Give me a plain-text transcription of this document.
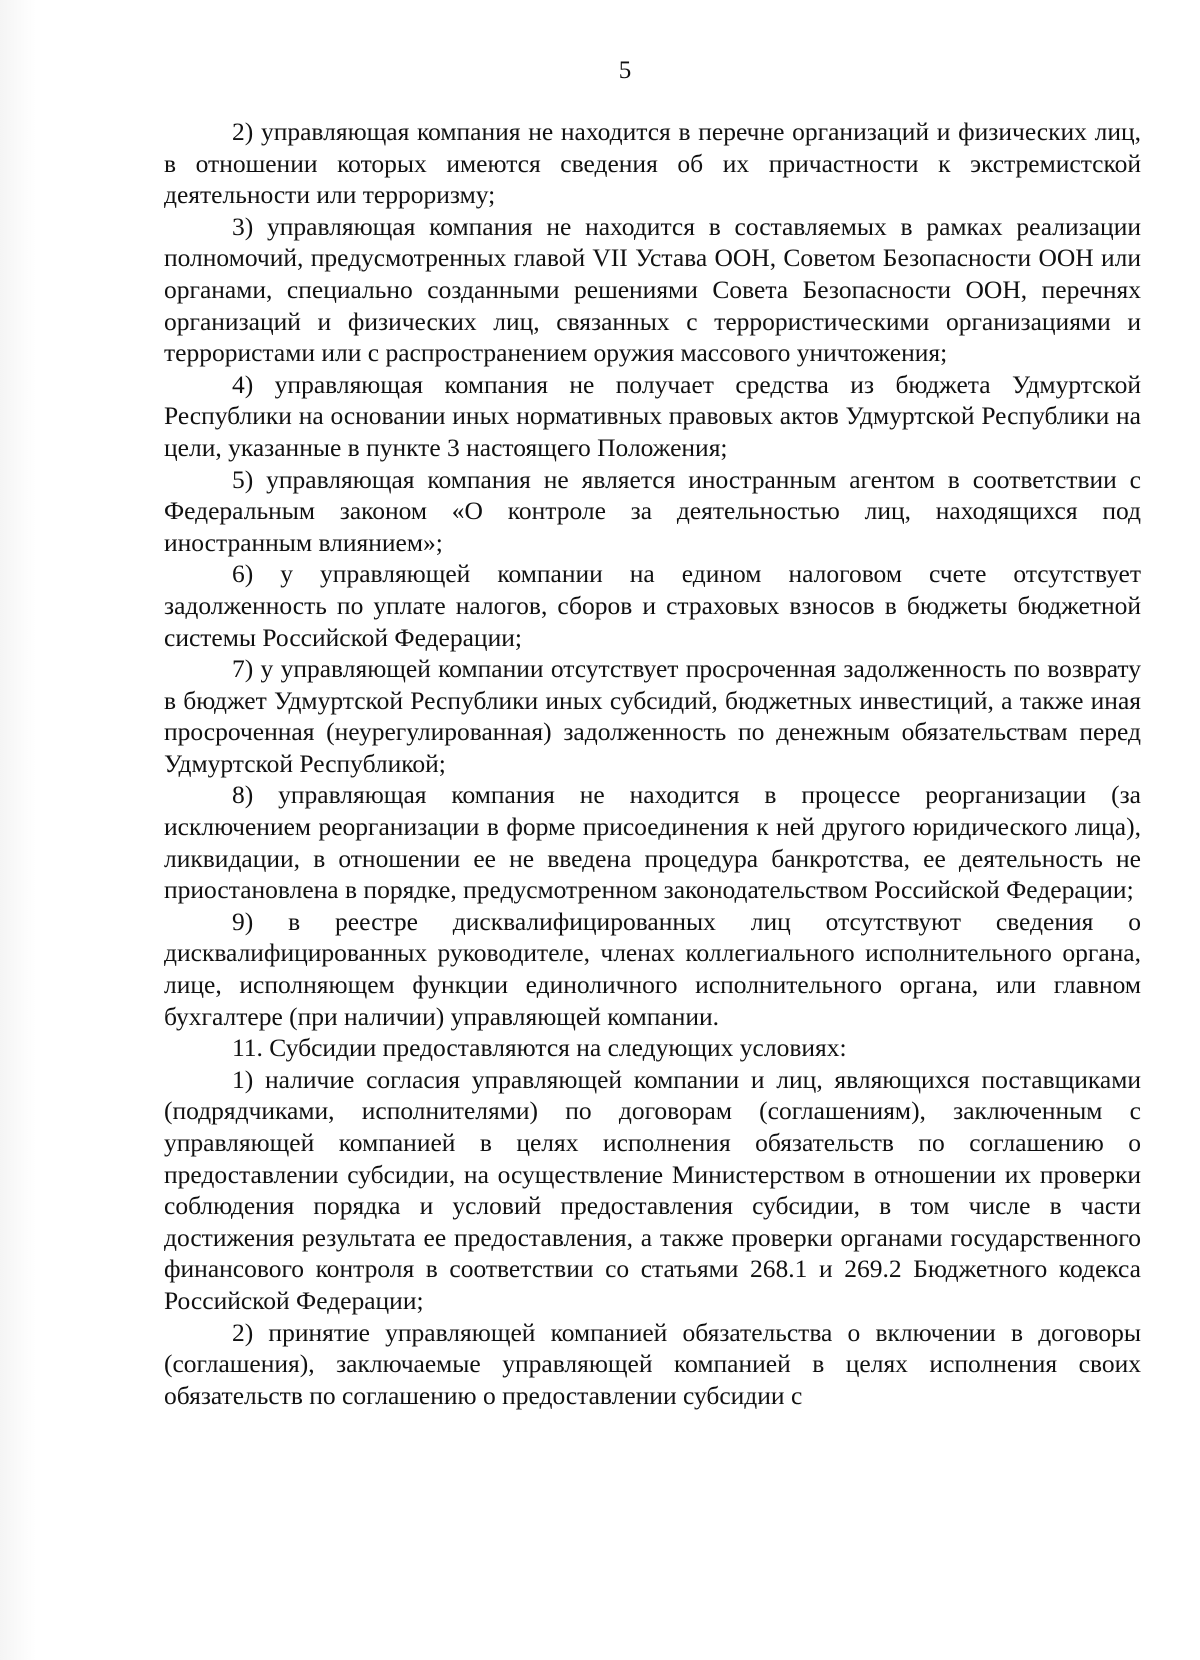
5

2) управляющая компания не находится в перечне организаций и физических лиц, в отношении которых имеются сведения об их причастности к экстремистской деятельности или терроризму;

3) управляющая компания не находится в составляемых в рамках реализации полномочий, предусмотренных главой VII Устава ООН, Советом Безопасности ООН или органами, специально созданными решениями Совета Безопасности ООН, перечнях организаций и физических лиц, связанных с террористическими организациями и террористами или с распространением оружия массового уничтожения;

4) управляющая компания не получает средства из бюджета Удмуртской Республики на основании иных нормативных правовых актов Удмуртской Республики на цели, указанные в пункте 3 настоящего Положения;

5) управляющая компания не является иностранным агентом в соответствии с Федеральным законом «О контроле за деятельностью лиц, находящихся под иностранным влиянием»;

6) у управляющей компании на едином налоговом счете отсутствует задолженность по уплате налогов, сборов и страховых взносов в бюджеты бюджетной системы Российской Федерации;

7) у управляющей компании отсутствует просроченная задолженность по возврату в бюджет Удмуртской Республики иных субсидий, бюджетных инвестиций, а также иная просроченная (неурегулированная) задолженность по денежным обязательствам перед Удмуртской Республикой;

8) управляющая компания не находится в процессе реорганизации (за исключением реорганизации в форме присоединения к ней другого юридического лица), ликвидации, в отношении ее не введена процедура банкротства, ее деятельность не приостановлена в порядке, предусмотренном законодательством Российской Федерации;

9) в реестре дисквалифицированных лиц отсутствуют сведения о дисквалифицированных руководителе, членах коллегиального исполнительного органа, лице, исполняющем функции единоличного исполнительного органа, или главном бухгалтере (при наличии) управляющей компании.

11. Субсидии предоставляются на следующих условиях:

1) наличие согласия управляющей компании и лиц, являющихся поставщиками (подрядчиками, исполнителями) по договорам (соглашениям), заключенным с управляющей компанией в целях исполнения обязательств по соглашению о предоставлении субсидии, на осуществление Министерством в отношении их проверки соблюдения порядка и условий предоставления субсидии, в том числе в части достижения результата ее предоставления, а также проверки органами государственного финансового контроля в соответствии со статьями 268.1 и 269.2 Бюджетного кодекса Российской Федерации;

2) принятие управляющей компанией обязательства о включении в договоры (соглашения), заключаемые управляющей компанией в целях исполнения своих обязательств по соглашению о предоставлении субсидии с
